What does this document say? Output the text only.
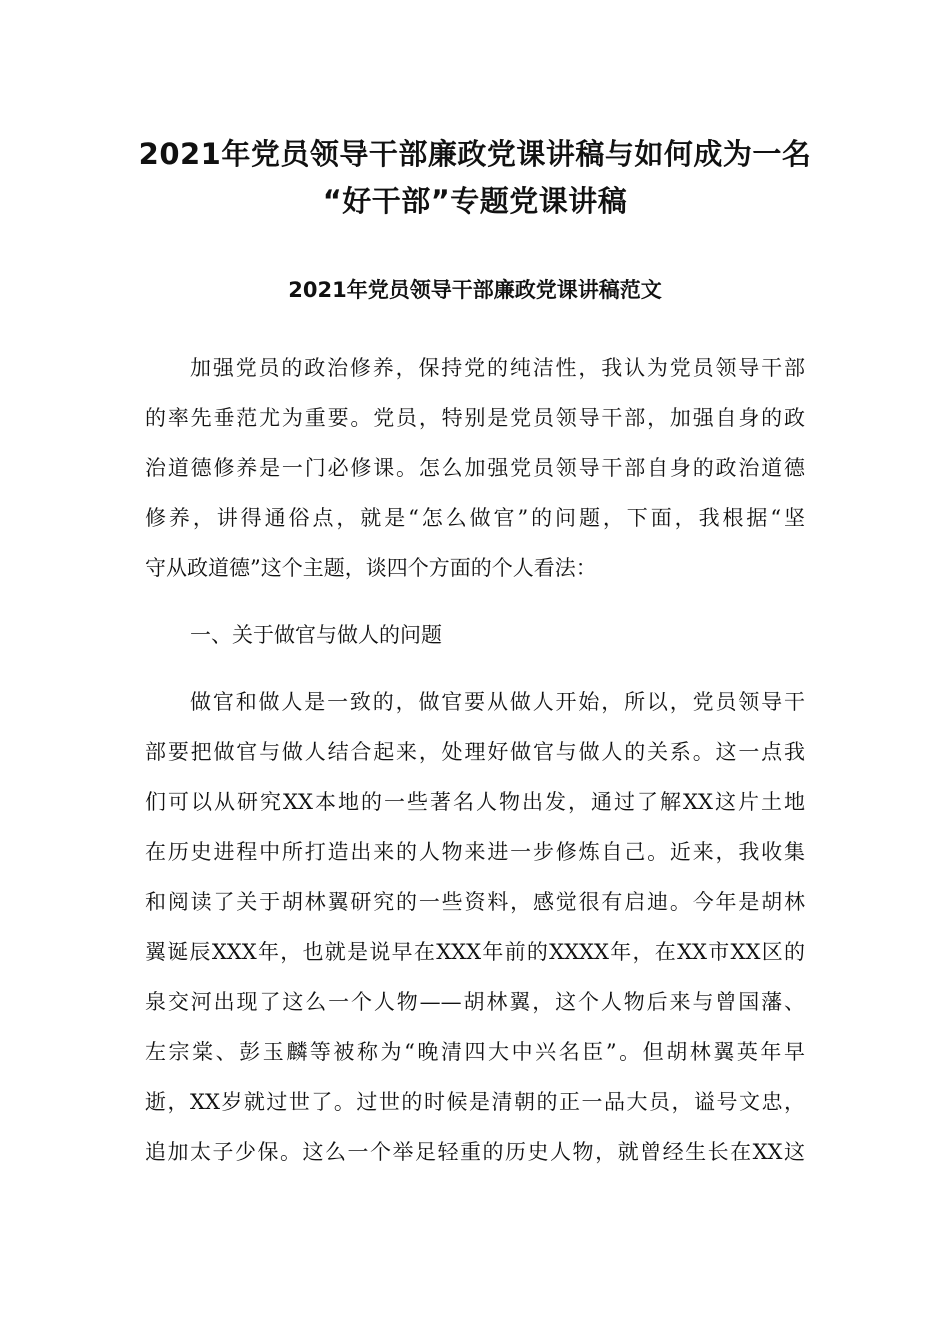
2021年党员领导干部廉政党课讲稿与如何成为一名
“好干部”专题党课讲稿
2021年党员领导干部廉政党课讲稿范文

加强党员的政治修养，保持党的纯洁性，我认为党员领导干部

的率先垂范尤为重要。党员，特别是党员领导干部，加强自身的政

治道德修养是一门必修课。怎么加强党员领导干部自身的政治道德

修养，讲得通俗点，就是“怎么做官”的问题，下面，我根据“坚

守从政道德”这个主题，谈四个方面的个人看法：

一、关于做官与做人的问题

做官和做人是一致的，做官要从做人开始，所以，党员领导干

部要把做官与做人结合起来，处理好做官与做人的关系。这一点我

们可以从研究XX本地的一些著名人物出发，通过了解XX这片土地

在历史进程中所打造出来的人物来进一步修炼自己。近来，我收集

和阅读了关于胡林翼研究的一些资料，感觉很有启迪。今年是胡林

翼诞辰XXX年，也就是说早在XXX年前的XXXX年，在XX市XX区的

泉交河出现了这么一个人物——胡林翼，这个人物后来与曾国藩、

左宗棠、彭玉麟等被称为“晚清四大中兴名臣”。但胡林翼英年早

逝，XX岁就过世了。过世的时候是清朝的正一品大员，谥号文忠，

追加太子少保。这么一个举足轻重的历史人物，就曾经生长在XX这
